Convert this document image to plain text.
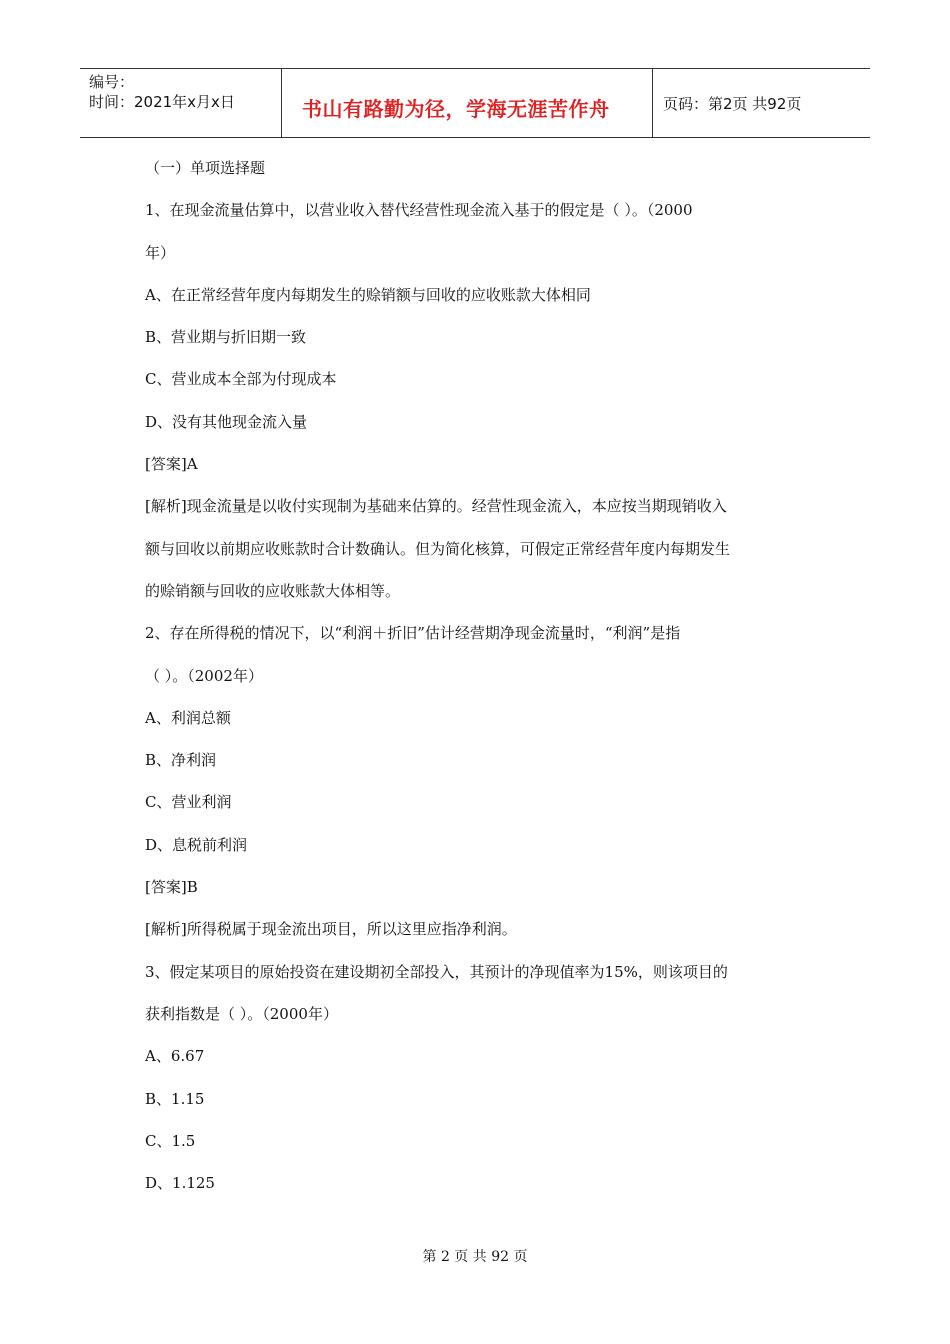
编号：
时间：2021年x月x日	书山有路勤为径，学海无涯苦作舟	页码：第2页 共92页
（一）单项选择题
1、在现金流量估算中，以营业收入替代经营性现金流入基于的假定是（ ）。（2000
年）
A、在正常经营年度内每期发生的赊销额与回收的应收账款大体相同
B、营业期与折旧期一致
C、营业成本全部为付现成本
D、没有其他现金流入量
[答案]A
[解析]现金流量是以收付实现制为基础来估算的。经营性现金流入，本应按当期现销收入
额与回收以前期应收账款时合计数确认。但为简化核算，可假定正常经营年度内每期发生
的赊销额与回收的应收账款大体相等。
2、存在所得税的情况下，以“利润＋折旧”估计经营期净现金流量时，“利润”是指
（ ）。（2002年）
A、利润总额
B、净利润
C、营业利润
D、息税前利润
[答案]B
[解析]所得税属于现金流出项目，所以这里应指净利润。
3、假定某项目的原始投资在建设期初全部投入，其预计的净现值率为15%，则该项目的
获利指数是（ ）。（2000年）
A、6.67
B、1.15
C、1.5
D、1.125
第 2 页 共 92 页
